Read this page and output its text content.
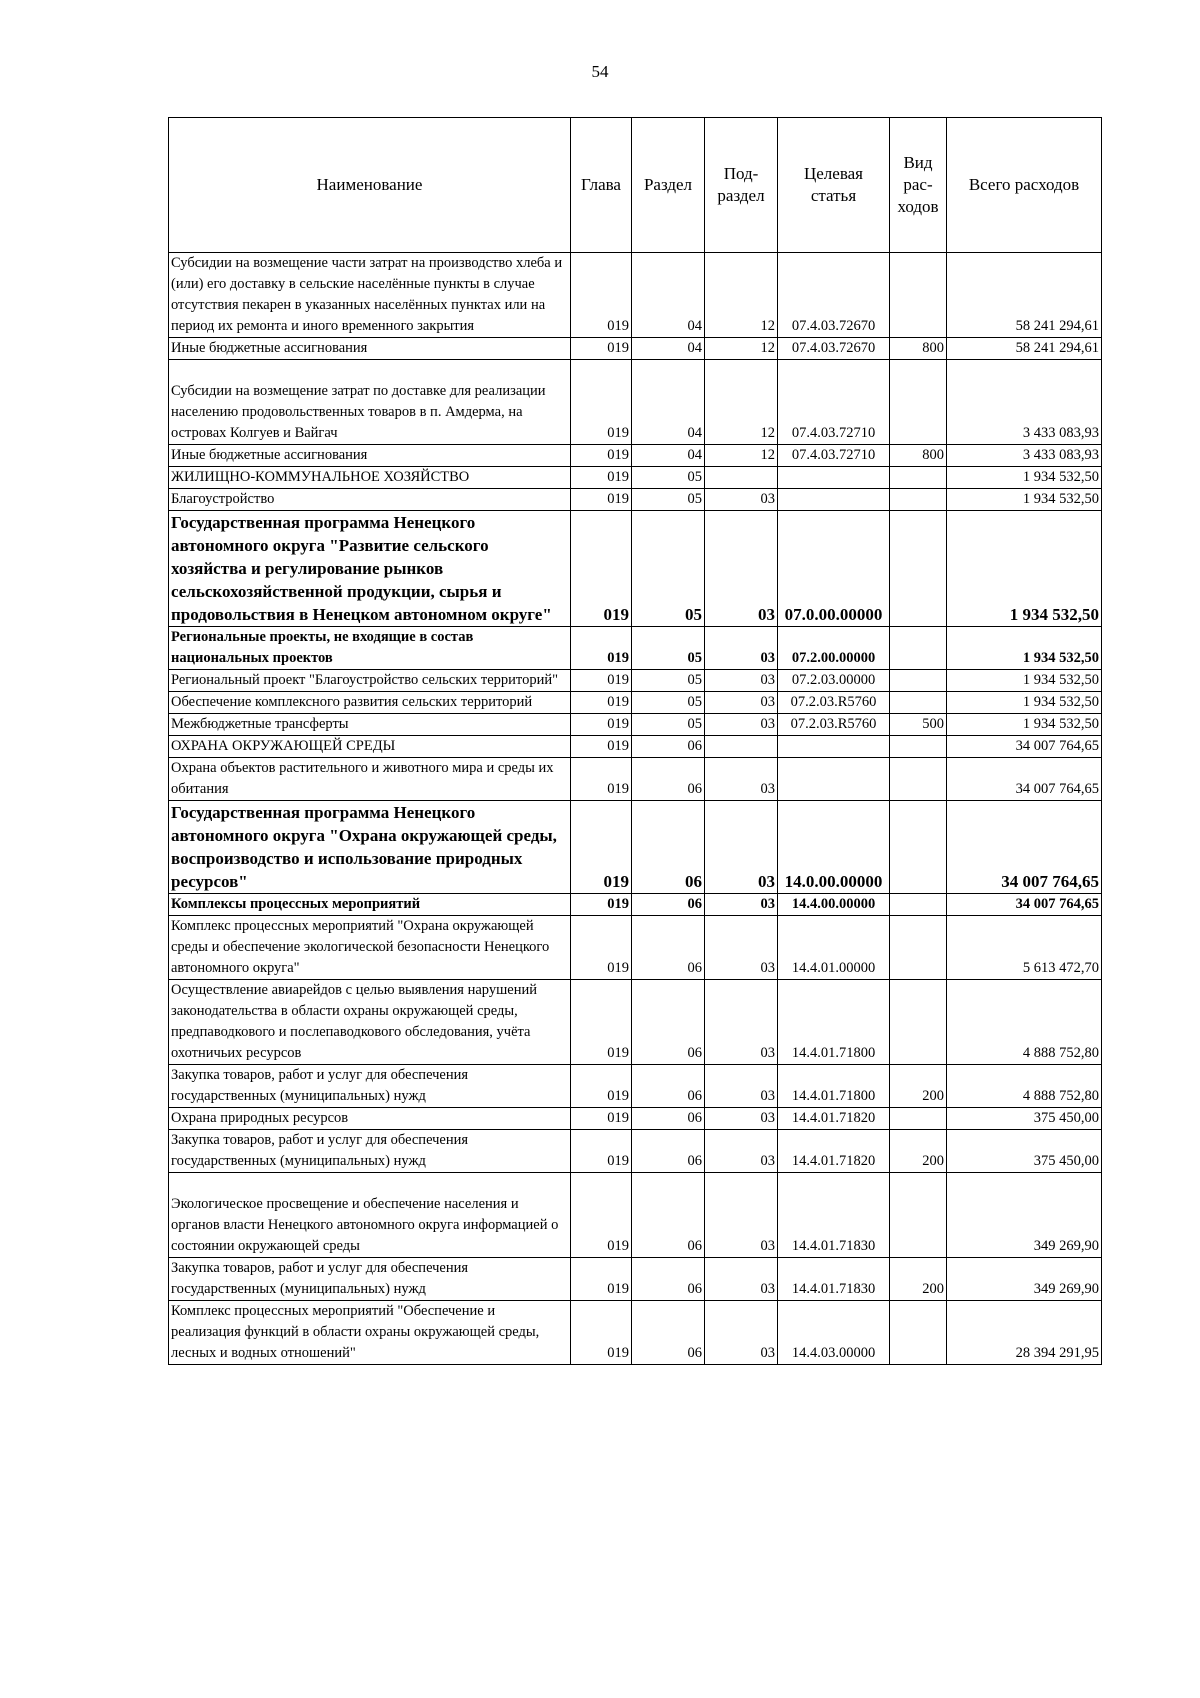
54
Наименование	Глава	Раздел	Под-раздел	Целевая статья	Вид рас-ходов	Всего расходов
Субсидии на возмещение части затрат на производство хлеба и (или) его доставку в сельские населённые пункты в случае отсутствия пекарен в указанных населённых пунктах или на период их ремонта и иного временного закрытия	019	04	12	07.4.03.72670		58 241 294,61
Иные бюджетные ассигнования	019	04	12	07.4.03.72670	800	58 241 294,61
Субсидии на возмещение затрат по доставке для реализации населению продовольственных товаров в п. Амдерма, на островах Колгуев и Вайгач	019	04	12	07.4.03.72710		3 433 083,93
Иные бюджетные ассигнования	019	04	12	07.4.03.72710	800	3 433 083,93
ЖИЛИЩНО-КОММУНАЛЬНОЕ ХОЗЯЙСТВО	019	05				1 934 532,50
Благоустройство	019	05	03			1 934 532,50
Государственная программа Ненецкого автономного округа "Развитие сельского хозяйства и регулирование рынков сельскохозяйственной продукции, сырья и продовольствия в Ненецком автономном округе"	019	05	03	07.0.00.00000		1 934 532,50
Региональные проекты, не входящие в состав национальных проектов	019	05	03	07.2.00.00000		1 934 532,50
Региональный проект "Благоустройство сельских территорий"	019	05	03	07.2.03.00000		1 934 532,50
Обеспечение комплексного развития сельских территорий	019	05	03	07.2.03.R5760		1 934 532,50
Межбюджетные трансферты	019	05	03	07.2.03.R5760	500	1 934 532,50
ОХРАНА ОКРУЖАЮЩЕЙ СРЕДЫ	019	06				34 007 764,65
Охрана объектов растительного и животного мира и среды их обитания	019	06	03			34 007 764,65
Государственная программа Ненецкого автономного округа "Охрана окружающей среды, воспроизводство и использование природных ресурсов"	019	06	03	14.0.00.00000		34 007 764,65
Комплексы процессных мероприятий	019	06	03	14.4.00.00000		34 007 764,65
Комплекс процессных мероприятий "Охрана окружающей среды и обеспечение экологической безопасности Ненецкого автономного округа"	019	06	03	14.4.01.00000		5 613 472,70
Осуществление авиарейдов с целью выявления нарушений законодательства в области охраны окружающей среды, предпаводкового и послепаводкового обследования, учёта охотничьих ресурсов	019	06	03	14.4.01.71800		4 888 752,80
Закупка товаров, работ и услуг для обеспечения государственных (муниципальных) нужд	019	06	03	14.4.01.71800	200	4 888 752,80
Охрана природных ресурсов	019	06	03	14.4.01.71820		375 450,00
Закупка товаров, работ и услуг для обеспечения государственных (муниципальных) нужд	019	06	03	14.4.01.71820	200	375 450,00
Экологическое просвещение и обеспечение населения и органов власти Ненецкого автономного округа информацией о состоянии окружающей среды	019	06	03	14.4.01.71830		349 269,90
Закупка товаров, работ и услуг для обеспечения государственных (муниципальных) нужд	019	06	03	14.4.01.71830	200	349 269,90
Комплекс процессных мероприятий "Обеспечение и реализация функций в области охраны окружающей среды, лесных и водных отношений"	019	06	03	14.4.03.00000		28 394 291,95
